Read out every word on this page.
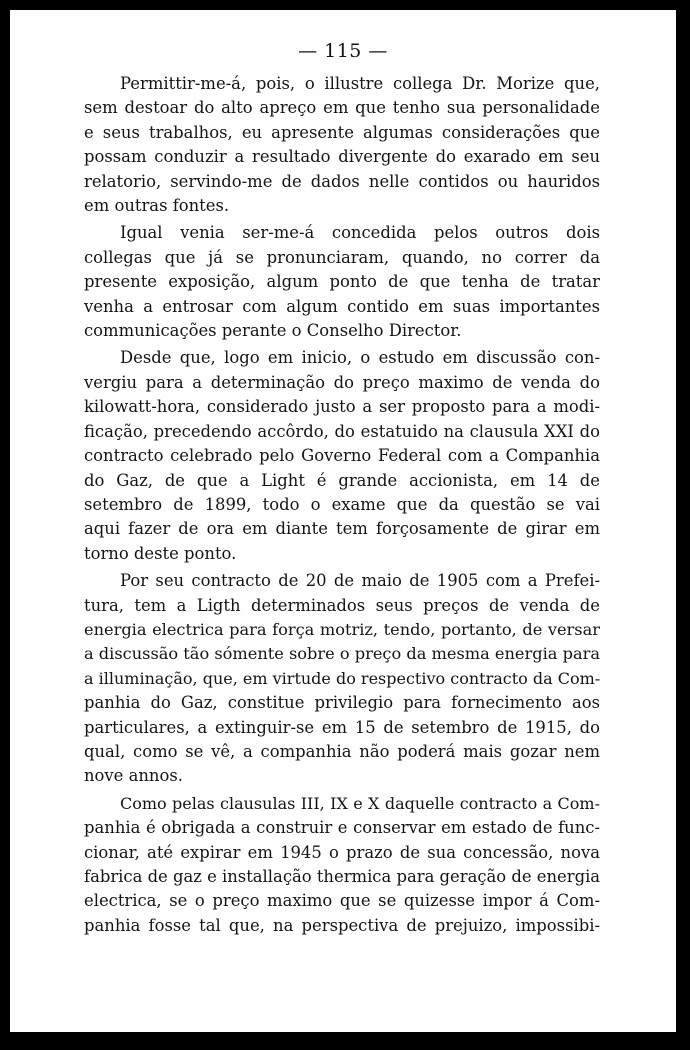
— 115 —
Permittir-me-á, pois, o illustre collega Dr. Morize que,
sem destoar do alto apreço em que tenho sua personalidade
e seus trabalhos, eu apresente algumas considerações que
possam conduzir a resultado divergente do exarado em seu
relatorio, servindo-me de dados nelle contidos ou hauridos
em outras fontes.
Igual venia ser-me-á concedida pelos outros dois
collegas que já se pronunciaram, quando, no correr da
presente exposição, algum ponto de que tenha de tratar
venha a entrosar com algum contido em suas importantes
communicações perante o Conselho Director.
Desde que, logo em inicio, o estudo em discussão con-
vergiu para a determinação do preço maximo de venda do
kilowatt-hora, considerado justo a ser proposto para a modi-
ficação, precedendo accôrdo, do estatuido na clausula XXI do
contracto celebrado pelo Governo Federal com a Companhia
do Gaz, de que a Light é grande accionista, em 14 de
setembro de 1899, todo o exame que da questão se vai
aqui fazer de ora em diante tem forçosamente de girar em
torno deste ponto.
Por seu contracto de 20 de maio de 1905 com a Prefei-
tura, tem a Ligth determinados seus preços de venda de
energia electrica para força motriz, tendo, portanto, de versar
a discussão tão sómente sobre o preço da mesma energia para
a illuminação, que, em virtude do respectivo contracto da Com-
panhia do Gaz, constitue privilegio para fornecimento aos
particulares, a extinguir-se em 15 de setembro de 1915, do
qual, como se vê, a companhia não poderá mais gozar nem
nove annos.
Como pelas clausulas III, IX e X daquelle contracto a Com-
panhia é obrigada a construir e conservar em estado de func-
cionar, até expirar em 1945 o prazo de sua concessão, nova
fabrica de gaz e installação thermica para geração de energia
electrica, se o preço maximo que se quizesse impor á Com-
panhia fosse tal que, na perspectiva de prejuizo, impossibi-
